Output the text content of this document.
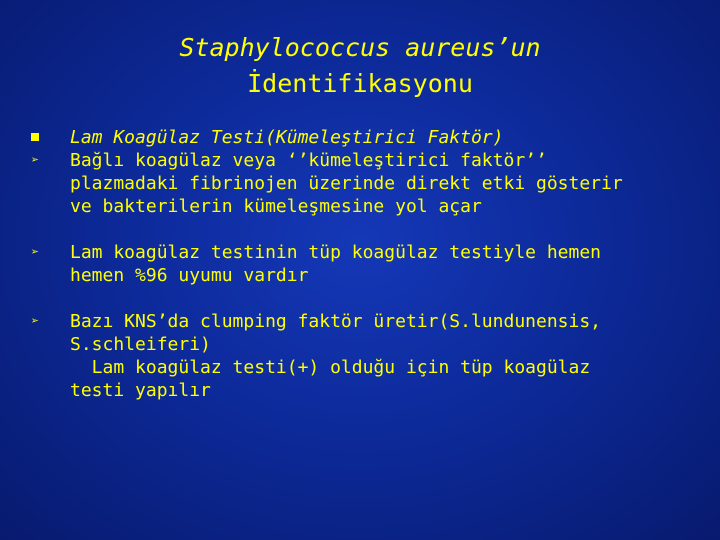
Staphylococcus aureus’un
İdentifikasyonu
Lam Koagülaz Testi(Kümeleştirici Faktör)
➢ Bağlı koagülaz veya ‘’kümeleştirici faktör’’
plazmadaki fibrinojen üzerinde direkt etki gösterir
ve bakterilerin kümeleşmesine yol açar
➢ Lam koagülaz testinin tüp koagülaz testiyle hemen
hemen %96 uyumu vardır
➢ Bazı KNS’da clumping faktör üretir(S.lundunensis,
S.schleiferi)
Lam koagülaz testi(+) olduğu için tüp koagülaz
testi yapılır
